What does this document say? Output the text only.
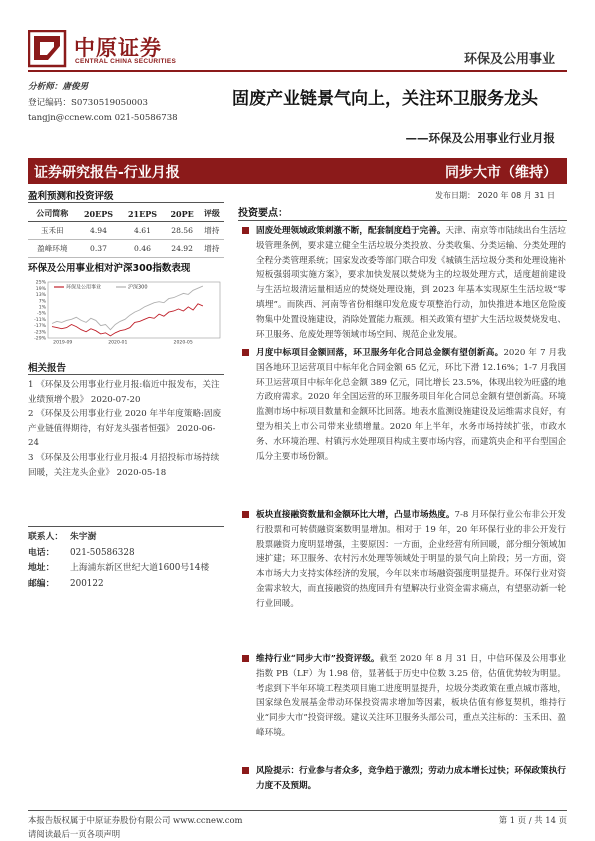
中原证券
CENTRAL CHINA SECURITIES	环保及公用事业
分析师：唐俊男
登记编码：S0730519050003
tangjn@ccnew.com 021-50586738
固废产业链景气向上，关注环卫服务龙头
——环保及公用事业行业月报
证券研究报告-行业月报	同步大市（维持）
发布日期： 2020 年 08 月 31 日
盈利预测和投资评级
公司简称	20EPS	21EPS	20PE	评级
玉禾田	4.94	4.61	28.56	增持
盈峰环境	0.37	0.46	24.92	增持
环保及公用事业相对沪深300指数表现
25%
19%
13%
7%
1%
-5%
-11%
-17%
-23%
-29%
2019-09	2020-01	2020-05
环保及公用事业	沪深300
相关报告
1 《环保及公用事业行业月报:临近中报发布，关注业绩预增个股》 2020-07-20
2 《环保及公用事业行业 2020 年半年度策略:固废产业链值得期待，有好龙头强者恒强》 2020-06-24
3 《环保及公用事业行业月报:4 月招投标市场持续回暖，关注龙头企业》 2020-05-18
联系人： 朱宇澍
电话： 021-50586328
地址： 上海浦东新区世纪大道1600号14楼
邮编： 200122
投资要点：
固废处理领域政策刺激不断，配套制度趋于完善。天津、南京等市陆续出台生活垃圾管理条例，要求建立健全生活垃圾分类投放、分类收集、分类运输、分类处理的全程分类管理系统；国家发改委等部门联合印发《城镇生活垃圾分类和处理设施补短板强弱项实施方案》，要求加快发展以焚烧为主的垃圾处理方式，适度超前建设与生活垃圾清运量相适应的焚烧处理设施，到 2023 年基本实现原生生活垃圾“零填埋”。而陕西、河南等省份相继印发危废专项整治行动，加快推进本地区危险废物集中处置设施建设，消除处置能力瓶颈。相关政策有望扩大生活垃圾焚烧发电、环卫服务、危废处理等领域市场空间、规范企业发展。
月度中标项目金额回落，环卫服务年化合同总金额有望创新高。2020 年 7 月我国各地环卫运营项目中标年化合同金额 65 亿元，环比下滑 12.16%；1-7 月我国环卫运营项目中标年化总金额 389 亿元，同比增长 23.5%，体现出较为旺盛的地方政府需求。2020 年全国运营的环卫服务项目年化合同总金额有望创新高。环境监测市场中标项目数量和金额环比回落。地表水监测设施建设及运维需求良好，有望为相关上市公司带来业绩增量。2020 年上半年，水务市场持续扩张，市政水务、水环境治理、村镇污水处理项目构成主要市场内容，而建筑央企和平台型国企瓜分主要市场份额。
板块直接融资数量和金额环比大增，凸显市场热度。7-8 月环保行业公布非公开发行股票和可转债融资案数明显增加。相对于 19 年，20 年环保行业的非公开发行股票融资力度明显增强，主要原因：一方面，企业经营有所回暖，部分细分领域加速扩建；环卫服务、农村污水处理等领域处于明显的景气向上阶段；另一方面，资本市场大力支持实体经济的发展，今年以来市场融资强度明显提升。环保行业对资金需求较大，而直接融资的热度回升有望解决行业资金需求痛点，有望驱动新一轮行业回暖。
维持行业“同步大市”投资评级。截至 2020 年 8 月 31 日，中信环保及公用事业指数 PB（LF）为 1.98 倍，显著低于历史中位数 3.25 倍，估值优势较为明显。考虑到下半年环境工程类项目施工进度明显提升，垃圾分类政策在重点城市落地，国家绿色发展基金带动环保投资需求增加等因素，板块估值有修复契机，维持行业“同步大市”投资评级。建议关注环卫服务头部公司，重点关注标的：玉禾田、盈峰环境。
风险提示：行业参与者众多，竞争趋于激烈；劳动力成本增长过快；环保政策执行力度不及预期。
本报告版权属于中原证券股份有限公司 www.ccnew.com
请阅读最后一页各项声明
第 1 页 / 共 14 页
